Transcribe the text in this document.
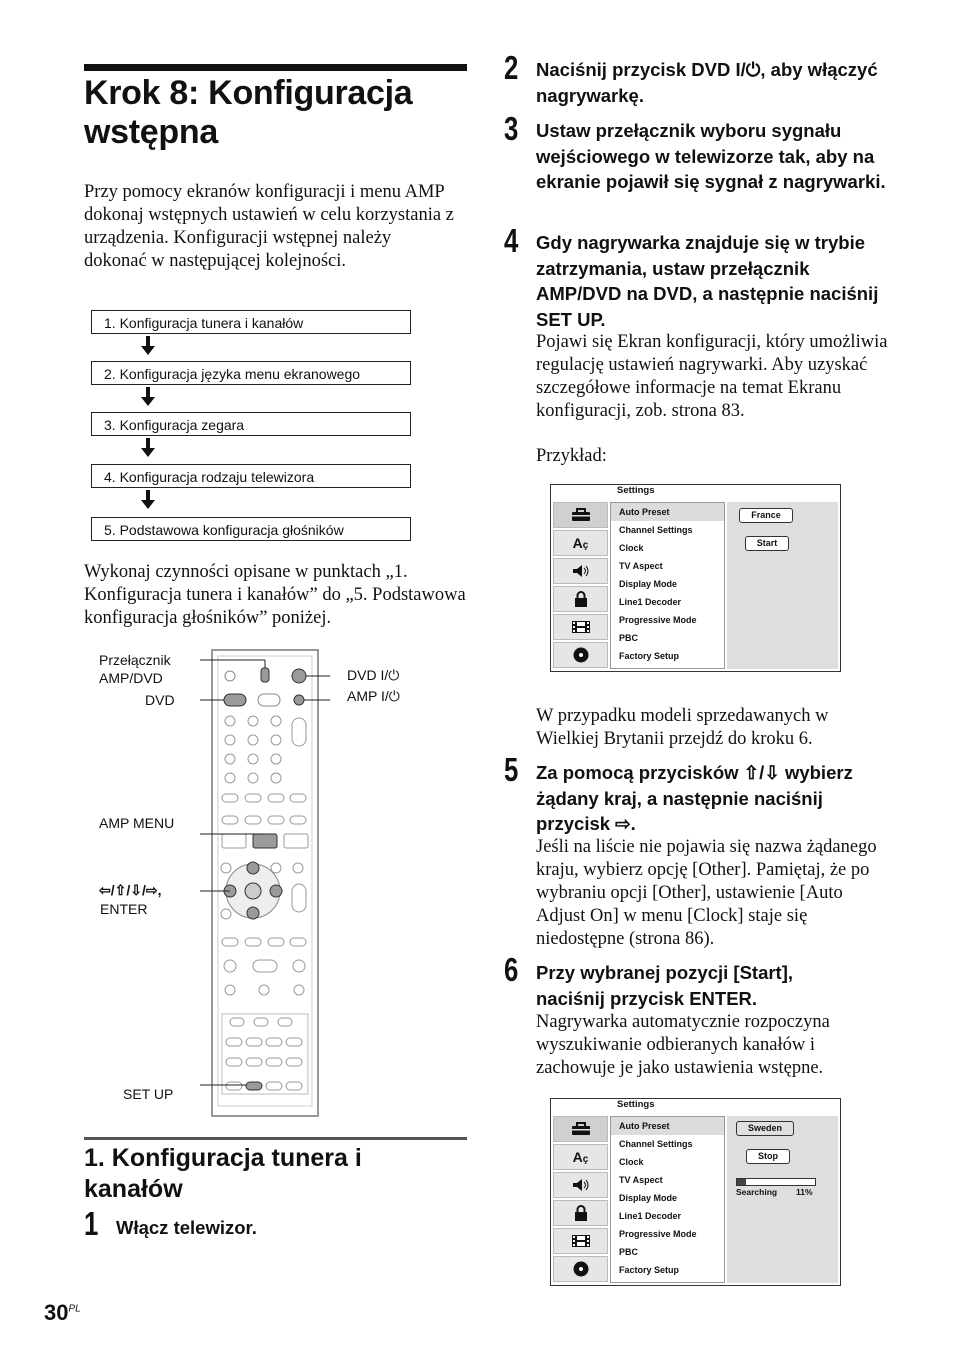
Krok 8: Konfiguracja wstępna
Przy pomocy ekranów konfiguracji i menu AMP dokonaj wstępnych ustawień w celu korzystania z urządzenia. Konfiguracji wstępnej należy dokonać w następującej kolejności.
1. Konfiguracja tunera i kanałów
2. Konfiguracja języka menu ekranowego
3. Konfiguracja zegara
4. Konfiguracja rodzaju telewizora
5. Podstawowa konfiguracja głośników
Wykonaj czynności opisane w punktach „1. Konfiguracja tunera i kanałów” do „5. Podstawowa konfiguracja głośników” poniżej.
Przełącznik
AMP/DVD
DVD
DVD I/⏻
AMP I/⏻
AMP MENU
⇦/⇧/⇩/⇨,
ENTER
SET UP
1. Konfiguracja tunera i kanałów
1 Włącz telewizor.
$30^{PL}$
2 Naciśnij przycisk DVD I/⏻, aby włączyć nagrywarkę.
3 Ustaw przełącznik wyboru sygnału wejściowego w telewizorze tak, aby na ekranie pojawił się sygnał z nagrywarki.
4 Gdy nagrywarka znajduje się w trybie zatrzymania, ustaw przełącznik AMP/DVD na DVD, a następnie naciśnij SET UP.
Pojawi się Ekran konfiguracji, który umożliwia regulację ustawień nagrywarki. Aby uzyskać szczegółowe informacje na temat Ekranu konfiguracji, zob. strona 83.
Przykład:
Settings
Aç
Auto Preset
Channel Settings
Clock
TV Aspect
Display Mode
Line1 Decoder
Progressive Mode
PBC
Factory Setup
France
Start
W przypadku modeli sprzedawanych w Wielkiej Brytanii przejdź do kroku 6.
5 Za pomocą przycisków ⇧/⇩ wybierz żądany kraj, a następnie naciśnij przycisk ⇨.
Jeśli na liście nie pojawia się nazwa żądanego kraju, wybierz opcję [Other]. Pamiętaj, że po wybraniu opcji [Other], ustawienie [Auto Adjust On] w menu [Clock] staje się niedostępne (strona 86).
6 Przy wybranej pozycji [Start], naciśnij przycisk ENTER.
Nagrywarka automatycznie rozpoczyna wyszukiwanie odbieranych kanałów i zachowuje je jako ustawienia wstępne.
Settings
Aç
Auto Preset
Channel Settings
Clock
TV Aspect
Display Mode
Line1 Decoder
Progressive Mode
PBC
Factory Setup
Sweden
Stop
Searching 11%
